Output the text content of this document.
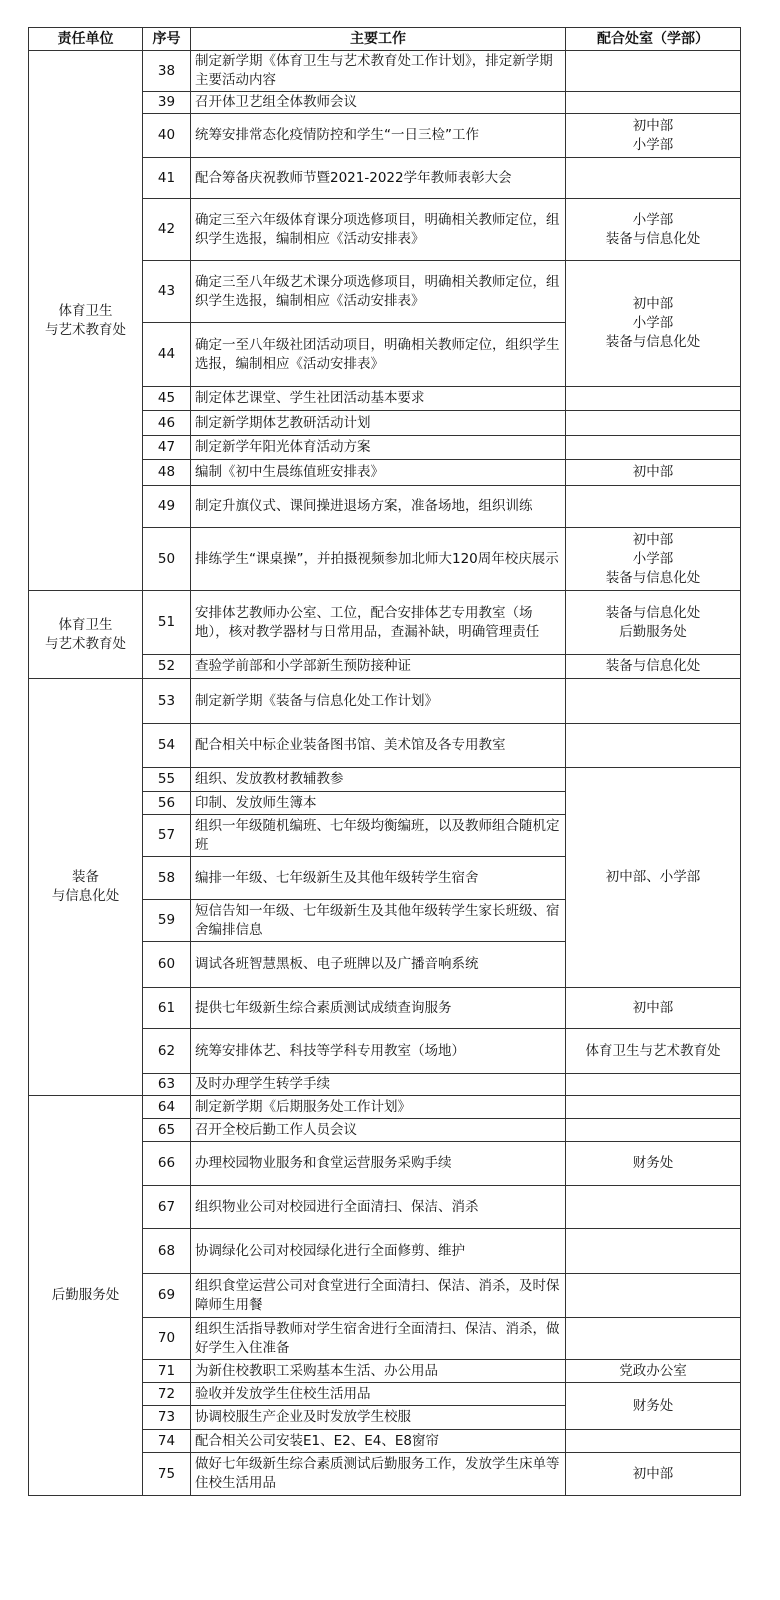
责任单位	序号	主要工作	配合处室（学部）

体育卫生
与艺术教育处	38	制定新学期《体育卫生与艺术教育处工作计划》，排定新学期主要活动内容	
	39	召开体卫艺组全体教师会议	
	40	统筹安排常态化疫情防控和学生“一日三检”工作	初中部
小学部

	41	配合筹备庆祝教师节暨2021-2022学年教师表彰大会	
	42	确定三至六年级体育课分项选修项目，明确相关教师定位，组织学生选报，编制相应《活动安排表》	小学部
装备与信息化处

	43	确定三至八年级艺术课分项选修项目，明确相关教师定位，组织学生选报，编制相应《活动安排表》	初中部
小学部
装备与信息化处

	44	确定一至八年级社团活动项目，明确相关教师定位，组织学生选报，编制相应《活动安排表》	
	45	制定体艺课堂、学生社团活动基本要求	
	46	制定新学期体艺教研活动计划	
	47	制定新学年阳光体育活动方案	
	48	编制《初中生晨练值班安排表》	初中部
	49	制定升旗仪式、课间操进退场方案，准备场地，组织训练	
	50	排练学生“课桌操”，并拍摄视频参加北师大120周年校庆展示	初中部
小学部
装备与信息化处

体育卫生
与艺术教育处	51	安排体艺教师办公室、工位，配合安排体艺专用教室（场地），核对教学器材与日常用品，查漏补缺，明确管理责任	装备与信息化处
后勤服务处

	52	查验学前部和小学部新生预防接种证	装备与信息化处

装备
与信息化处	53	制定新学期《装备与信息化处工作计划》	
	54	配合相关中标企业装备图书馆、美术馆及各专用教室	
	55	组织、发放教材教辅教参	初中部、小学部
	56	印制、发放师生簿本	
	57	组织一年级随机编班、七年级均衡编班，以及教师组合随机定班	
	58	编排一年级、七年级新生及其他年级转学生宿舍	
	59	短信告知一年级、七年级新生及其他年级转学生家长班级、宿舍编排信息	
	60	调试各班智慧黑板、电子班牌以及广播音响系统	
	61	提供七年级新生综合素质测试成绩查询服务	初中部
	62	统筹安排体艺、科技等学科专用教室（场地）	体育卫生与艺术教育处
	63	及时办理学生转学手续	

后勤服务处	64	制定新学期《后期服务处工作计划》	
	65	召开全校后勤工作人员会议	
	66	办理校园物业服务和食堂运营服务采购手续	财务处
	67	组织物业公司对校园进行全面清扫、保洁、消杀	
	68	协调绿化公司对校园绿化进行全面修剪、维护	
	69	组织食堂运营公司对食堂进行全面清扫、保洁、消杀，及时保障师生用餐	
	70	组织生活指导教师对学生宿舍进行全面清扫、保洁、消杀，做好学生入住准备	
	71	为新住校教职工采购基本生活、办公用品	党政办公室
	72	验收并发放学生住校生活用品	财务处
	73	协调校服生产企业及时发放学生校服	
	74	配合相关公司安装E1、E2、E4、E8窗帘	
	75	做好七年级新生综合素质测试后勤服务工作，发放学生床单等住校生活用品	初中部
